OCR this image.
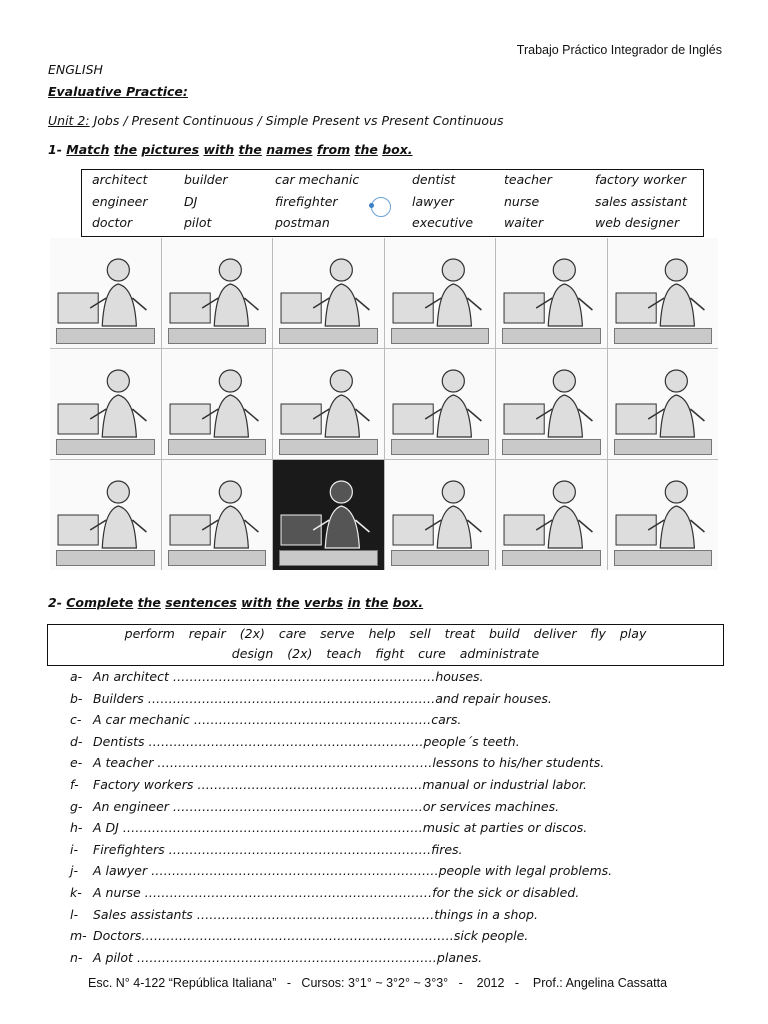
Trabajo Práctico Integrador de Inglés
ENGLISH
Evaluative Practice:
Unit 2: Jobs / Present Continuous / Simple Present vs Present Continuous
1- Match the pictures with the names from the box.
architect	builder	car mechanic	dentist	teacher	factory worker
engineer	DJ	firefighter	lawyer	nurse	sales assistant
doctor	pilot	postman	executive	waiter	web designer
2- Complete the sentences with the verbs in the box.
perform repair (2x) care serve help sell treat build deliver fly play
design (2x) teach fight cure administrate
a- An architect ………………………………………………………houses.
b- Builders ……………………………………………………………and repair houses.
c- A car mechanic …………………………………………………cars.
d- Dentists …………………………………………………………people´s teeth.
e- A teacher …………………………………………………………lessons to his/her students.
f- Factory workers ………………………………………………manual or industrial labor.
g- An engineer ……………………………………………………or services machines.
h- A DJ ………………………………………………………………music at parties or discos.
i- Firefighters ………………………………………………………fires.
j- A lawyer ……………………………………………………………people with legal problems.
k- A nurse ……………………………………………………………for the sick or disabled.
l- Sales assistants …………………………………………………things in a shop.
m- Doctors…………………………………………………………………sick people.
n- A pilot ………………………………………………………………planes.
Esc. N° 4-122 “República Italiana”   -   Cursos: 3°1° ~ 3°2° ~ 3°3°   -    2012   -    Prof.: Angelina Cassatta
